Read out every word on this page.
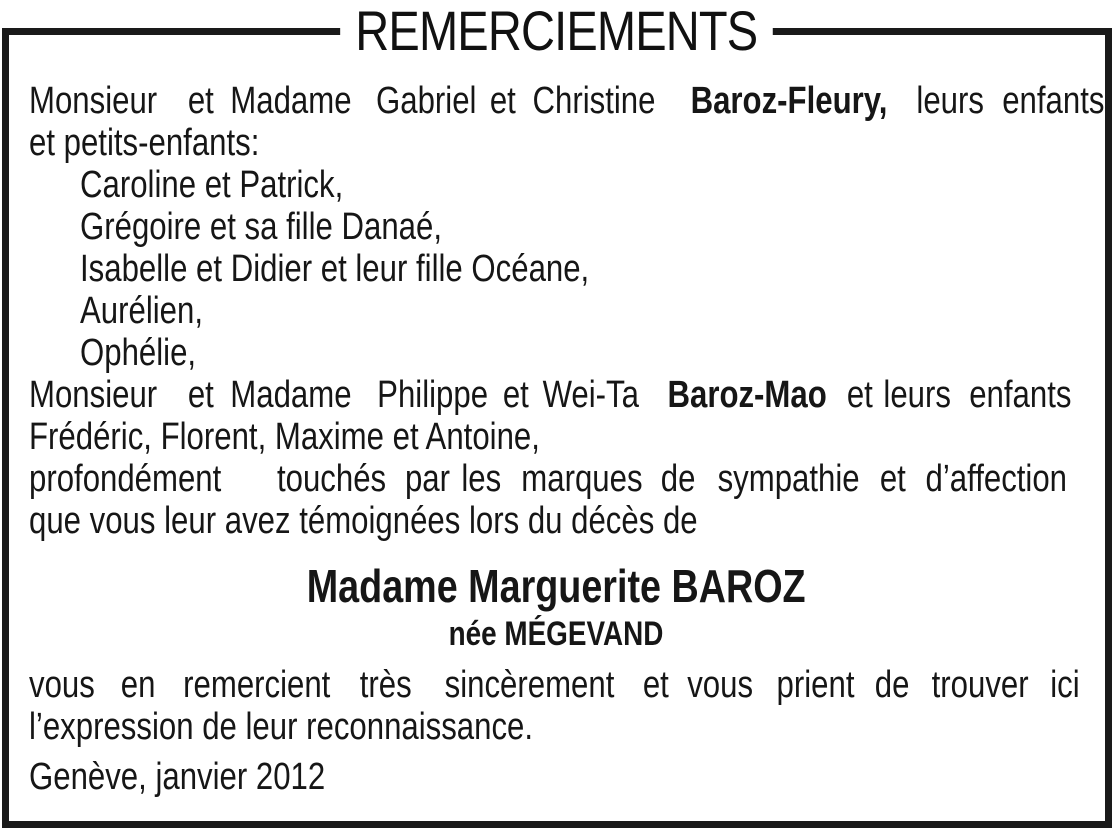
REMERCIEMENTS
Monsieur et Madame Gabriel et Christine Baroz-Fleury, leurs enfants
et petits-enfants:
Caroline et Patrick,
Grégoire et sa fille Danaé,
Isabelle et Didier et leur fille Océane,
Aurélien,
Ophélie,
Monsieur et Madame Philippe et Wei-Ta Baroz-Mao et leurs enfants
Frédéric, Florent, Maxime et Antoine,
profondément touchés par les marques de sympathie et d’affection
que vous leur avez témoignées lors du décès de
Madame Marguerite BAROZ
née MÉGEVAND
vous en remercient très sincèrement et vous prient de trouver ici
l’expression de leur reconnaissance.
Genève, janvier 2012
